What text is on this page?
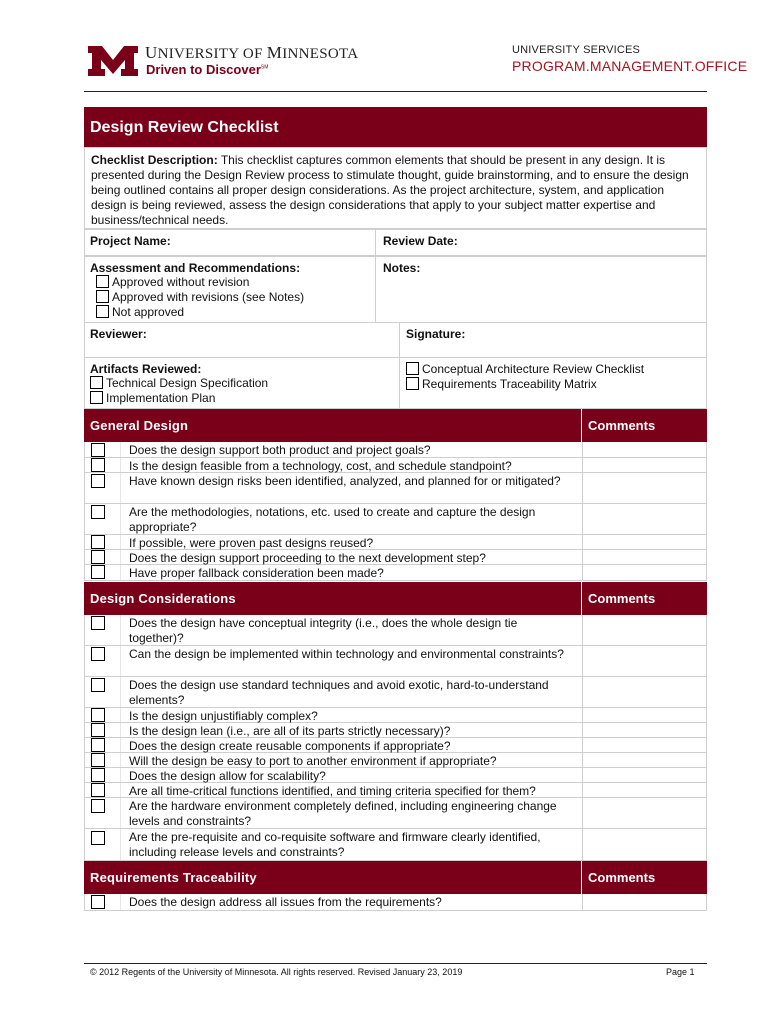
UNIVERSITY OF MINNESOTA
Driven to Discover℠
UNIVERSITY SERVICES
PROGRAM.MANAGEMENT.OFFICE
Design Review Checklist
Checklist Description: This checklist captures common elements that should be present in any design. It is presented during the Design Review process to stimulate thought, guide brainstorming, and to ensure the design being outlined contains all proper design considerations. As the project architecture, system, and application design is being reviewed, assess the design considerations that apply to your subject matter expertise and business/technical needs.
Project Name:	Review Date:
Assessment and Recommendations:
Approved without revision
Approved with revisions (see Notes)
Not approved
Notes:
Reviewer:	Signature:
Artifacts Reviewed:
Technical Design Specification
Implementation Plan
Conceptual Architecture Review Checklist
Requirements Traceability Matrix
General Design	Comments
Does the design support both product and project goals?
Is the design feasible from a technology, cost, and schedule standpoint?
Have known design risks been identified, analyzed, and planned for or mitigated?
Are the methodologies, notations, etc. used to create and capture the design appropriate?
If possible, were proven past designs reused?
Does the design support proceeding to the next development step?
Have proper fallback consideration been made?
Design Considerations	Comments
Does the design have conceptual integrity (i.e., does the whole design tie together)?
Can the design be implemented within technology and environmental constraints?
Does the design use standard techniques and avoid exotic, hard-to-understand elements?
Is the design unjustifiably complex?
Is the design lean (i.e., are all of its parts strictly necessary)?
Does the design create reusable components if appropriate?
Will the design be easy to port to another environment if appropriate?
Does the design allow for scalability?
Are all time-critical functions identified, and timing criteria specified for them?
Are the hardware environment completely defined, including engineering change levels and constraints?
Are the pre-requisite and co-requisite software and firmware clearly identified, including release levels and constraints?
Requirements Traceability	Comments
Does the design address all issues from the requirements?
© 2012 Regents of the University of Minnesota. All rights reserved. Revised January 23, 2019	Page 1
